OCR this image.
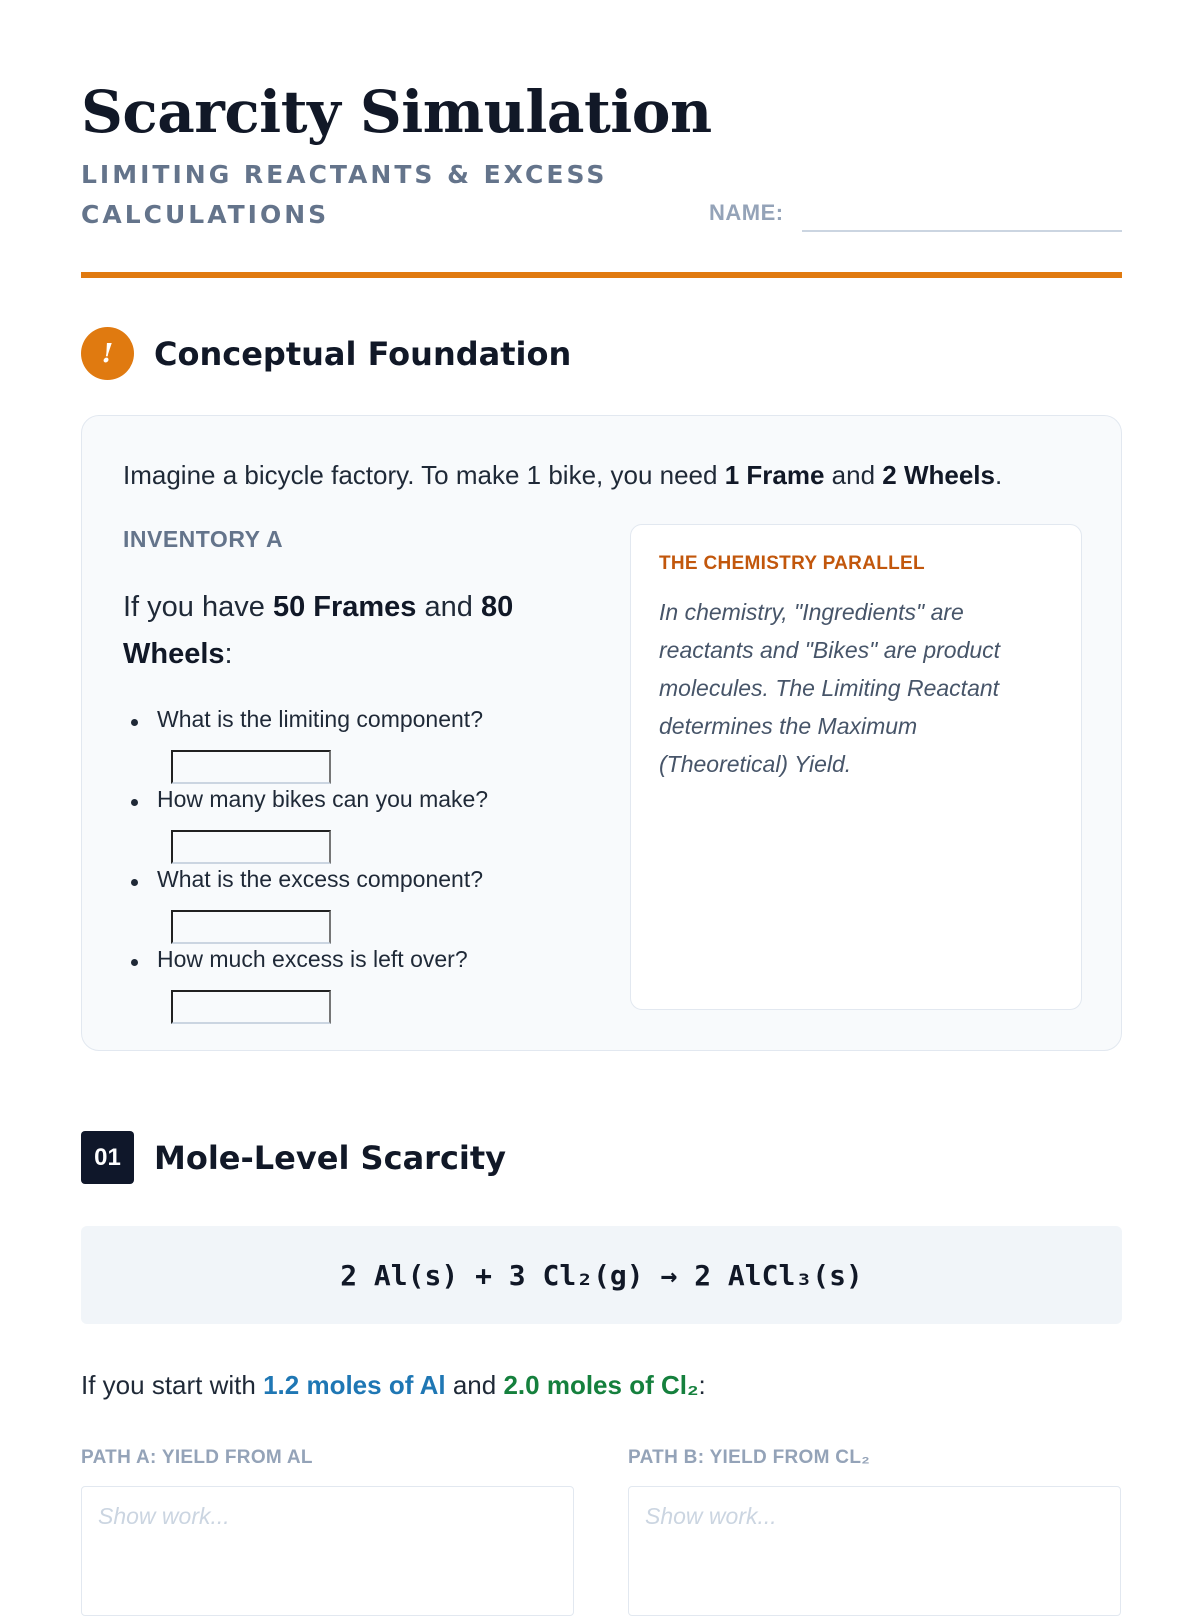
Scarcity Simulation
LIMITING REACTANTS & EXCESS CALCULATIONS	NAME:
!	Conceptual Foundation
Imagine a bicycle factory. To make 1 bike, you need 1 Frame and 2 Wheels.
INVENTORY A
If you have 50 Frames and 80 Wheels:
What is the limiting component?
How many bikes can you make?
What is the excess component?
How much excess is left over?
THE CHEMISTRY PARALLEL
In chemistry, "Ingredients" are reactants and "Bikes" are product molecules. The Limiting Reactant determines the Maximum (Theoretical) Yield.
01	Mole-Level Scarcity
2 Al(s) + 3 Cl₂(g) → 2 AlCl₃(s)
If you start with 1.2 moles of Al and 2.0 moles of Cl₂:
PATH A: YIELD FROM AL	PATH B: YIELD FROM CL₂
Show work...
Show work...
